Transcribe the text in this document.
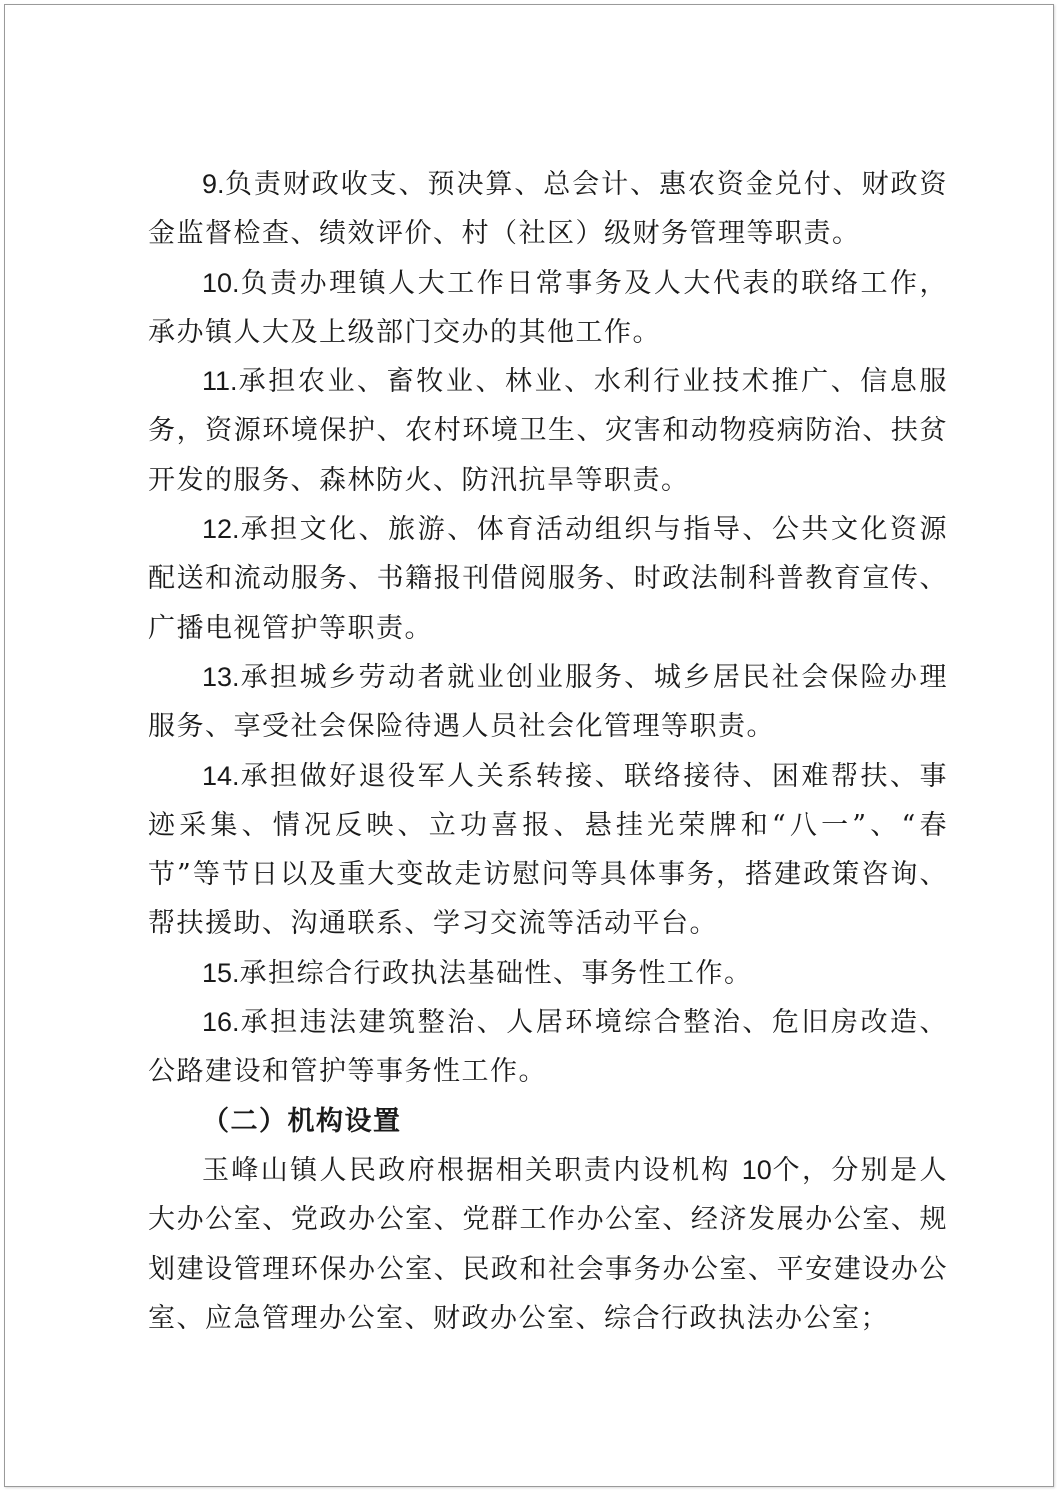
9.负责财政收支、预决算、总会计、惠农资金兑付、财政资金监督检查、绩效评价、村（社区）级财务管理等职责。

10.负责办理镇人大工作日常事务及人大代表的联络工作，承办镇人大及上级部门交办的其他工作。

11.承担农业、畜牧业、林业、水利行业技术推广、信息服务，资源环境保护、农村环境卫生、灾害和动物疫病防治、扶贫开发的服务、森林防火、防汛抗旱等职责。

12.承担文化、旅游、体育活动组织与指导、公共文化资源配送和流动服务、书籍报刊借阅服务、时政法制科普教育宣传、广播电视管护等职责。

13.承担城乡劳动者就业创业服务、城乡居民社会保险办理服务、享受社会保险待遇人员社会化管理等职责。

14.承担做好退役军人关系转接、联络接待、困难帮扶、事迹采集、情况反映、立功喜报、悬挂光荣牌和“八一”、“春节”等节日以及重大变故走访慰问等具体事务，搭建政策咨询、帮扶援助、沟通联系、学习交流等活动平台。

15.承担综合行政执法基础性、事务性工作。

16.承担违法建筑整治、人居环境综合整治、危旧房改造、公路建设和管护等事务性工作。

（二）机构设置

玉峰山镇人民政府根据相关职责内设机构 10个，分别是人大办公室、党政办公室、党群工作办公室、经济发展办公室、规划建设管理环保办公室、民政和社会事务办公室、平安建设办公室、应急管理办公室、财政办公室、综合行政执法办公室；
